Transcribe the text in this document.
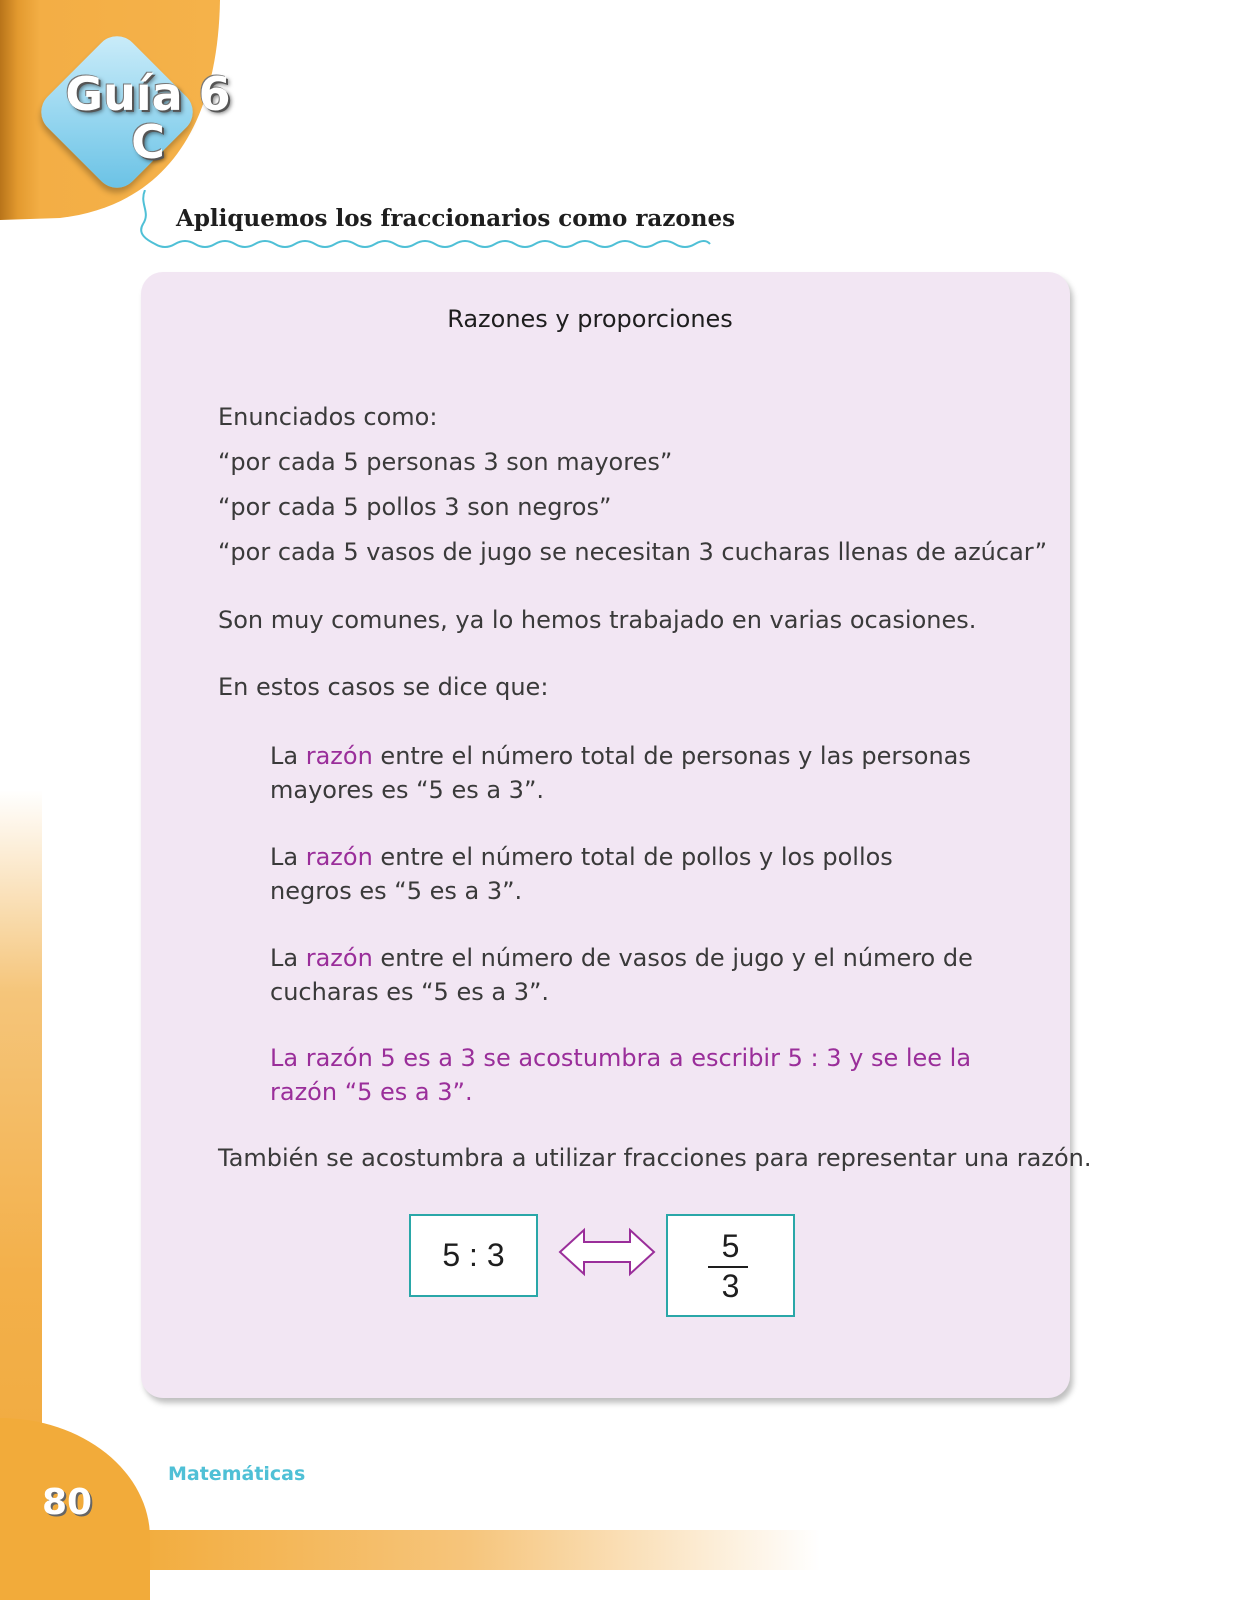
Guía 6
C
Apliquemos los fraccionarios como razones
Razones y proporciones
Enunciados como:
“por cada 5 personas 3 son mayores”
“por cada 5 pollos 3 son negros”
“por cada 5 vasos de jugo se necesitan 3 cucharas llenas de azúcar”
Son muy comunes, ya lo hemos trabajado en varias ocasiones.
En estos casos se dice que:
La razón entre el número total de personas y las personas mayores es “5 es a 3”.
La razón entre el número total de pollos y los pollos negros es “5 es a 3”.
La razón entre el número de vasos de jugo y el número de cucharas es “5 es a 3”.
La razón 5 es a 3 se acostumbra a escribir 5 : 3 y se lee la razón “5 es a 3”.
También se acostumbra a utilizar fracciones para representar una razón.
5 : 3	5
3
Matemáticas
80
